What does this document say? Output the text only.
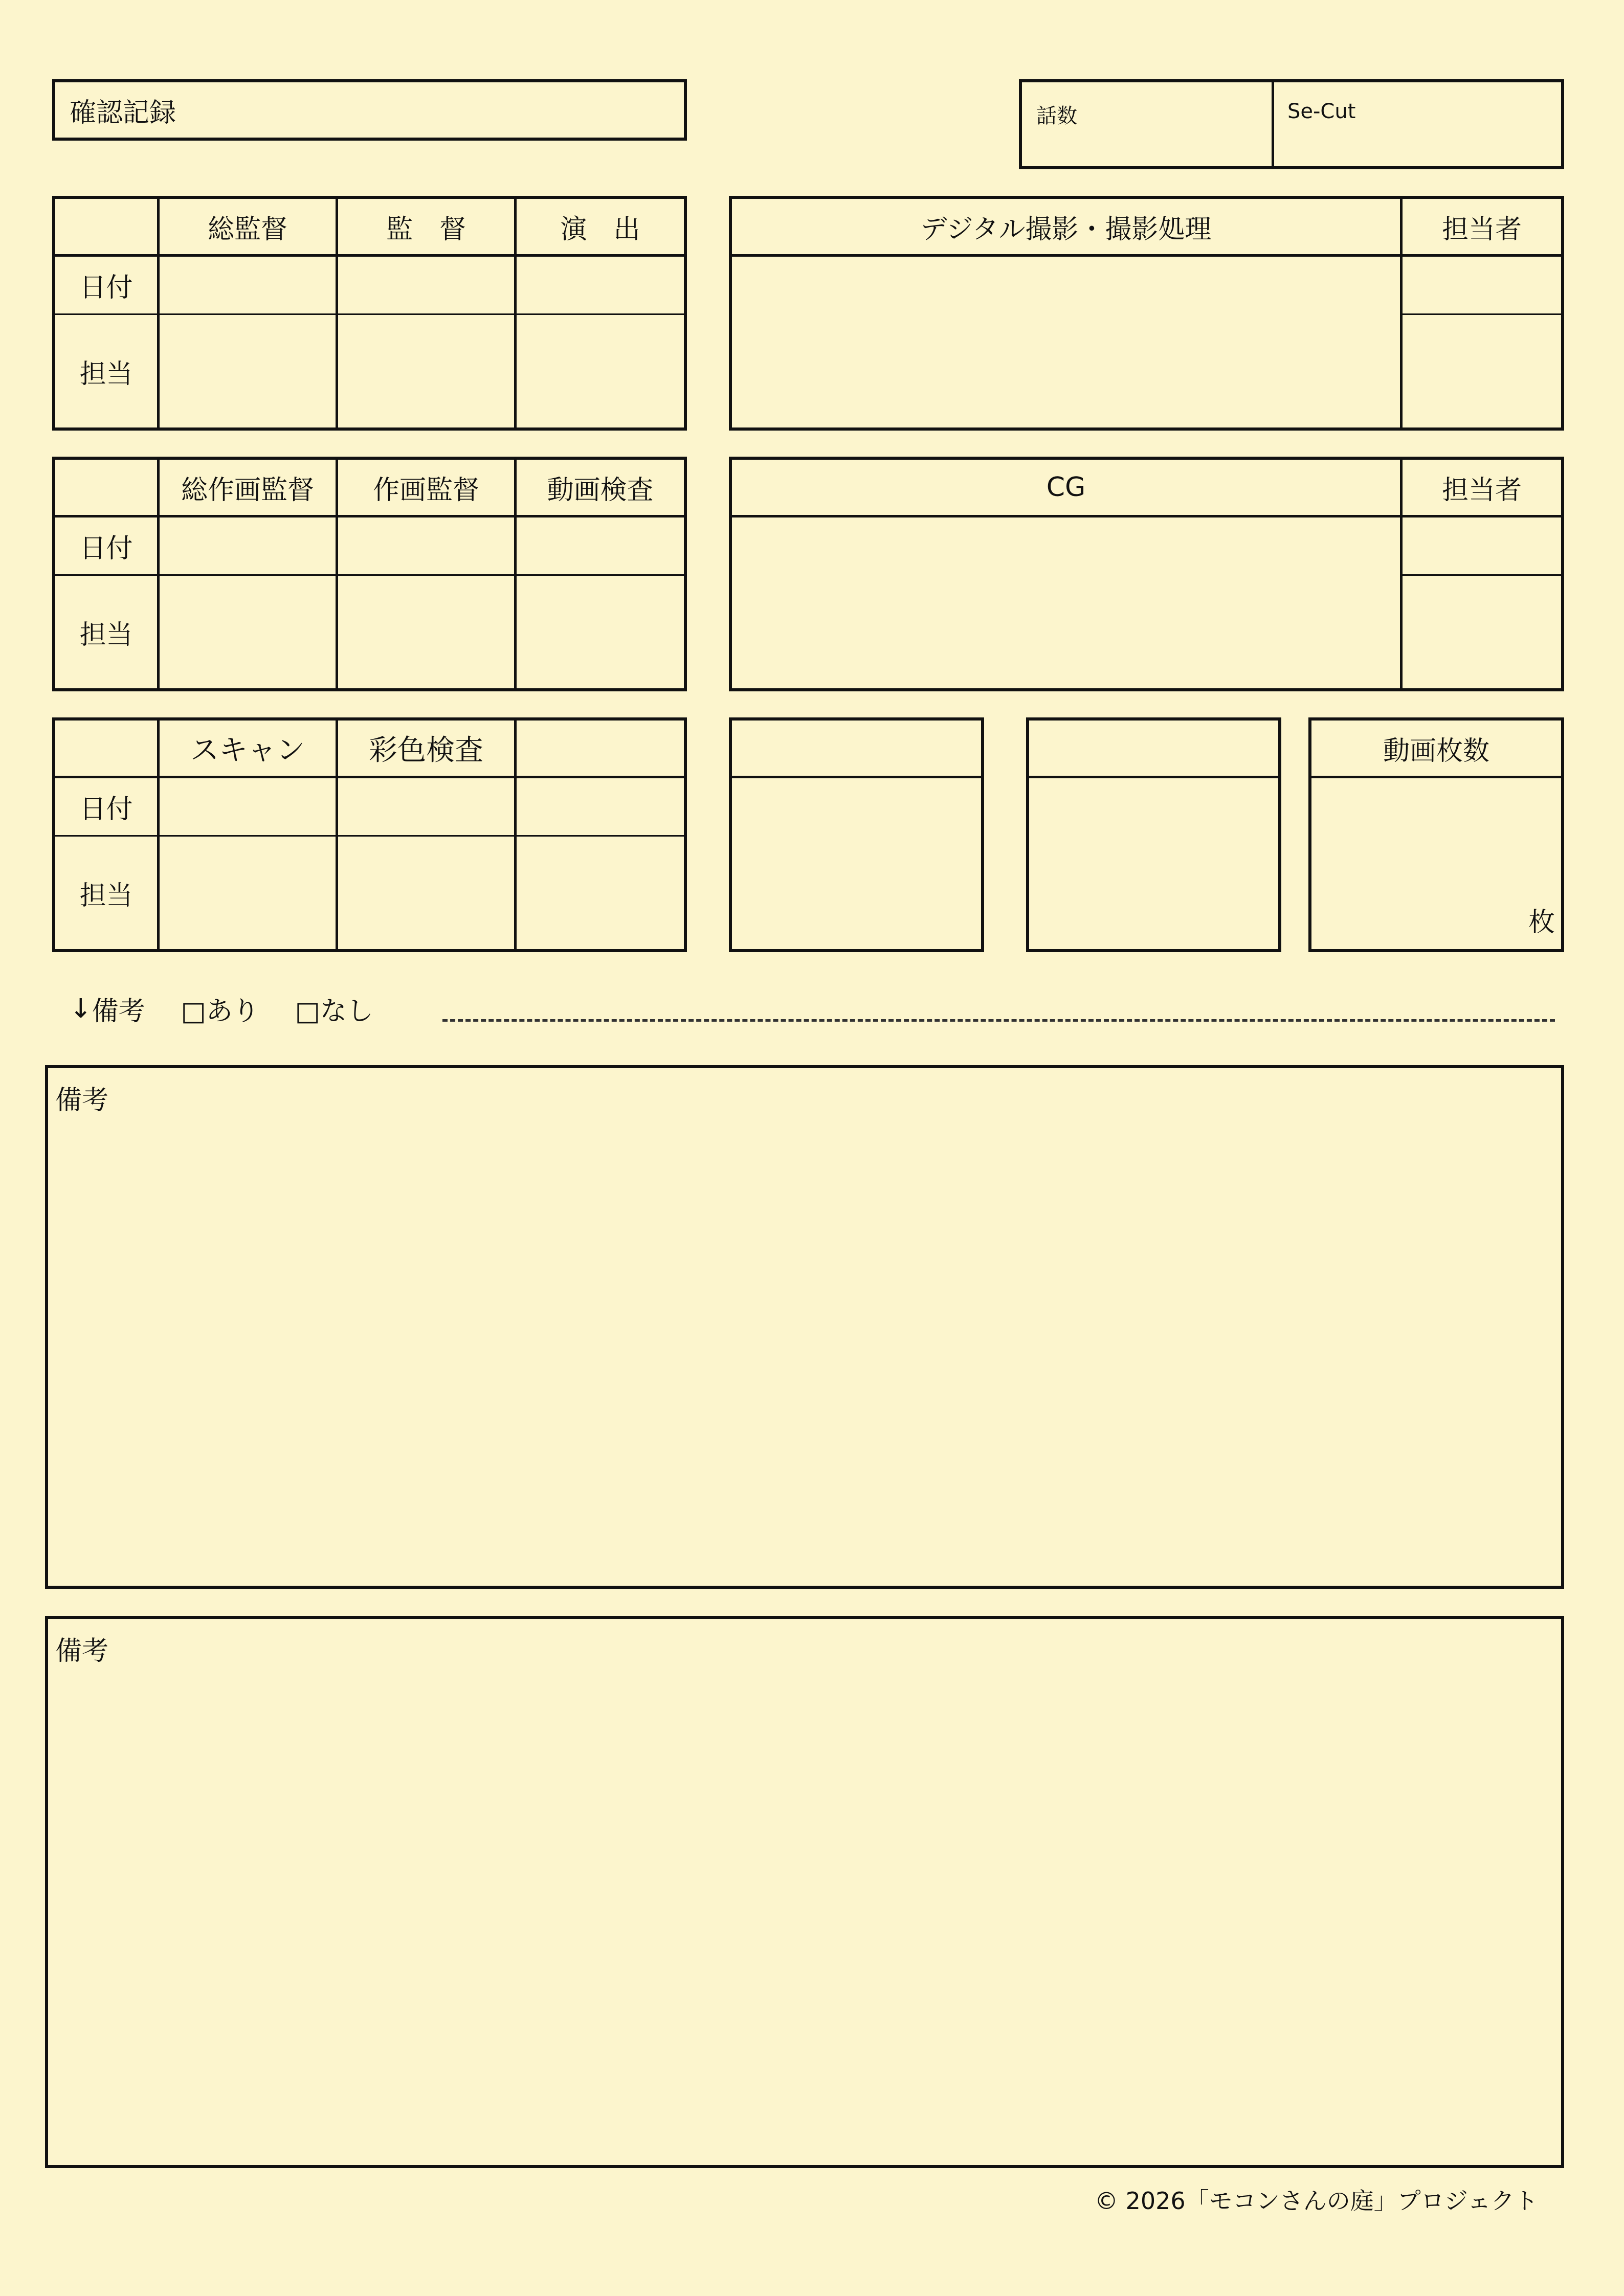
確認記録	話数	Se-Cut
総監督	監　督	演　出
日付
担当
デジタル撮影・撮影処理	担当者
総作画監督	作画監督	動画検査
日付
担当
CG	担当者
スキャン	彩色検査
日付
担当
動画枚数
枚
↓ 備考 □あり □なし
備考
備考
© 2026「モコンさんの庭」プロジェクト
